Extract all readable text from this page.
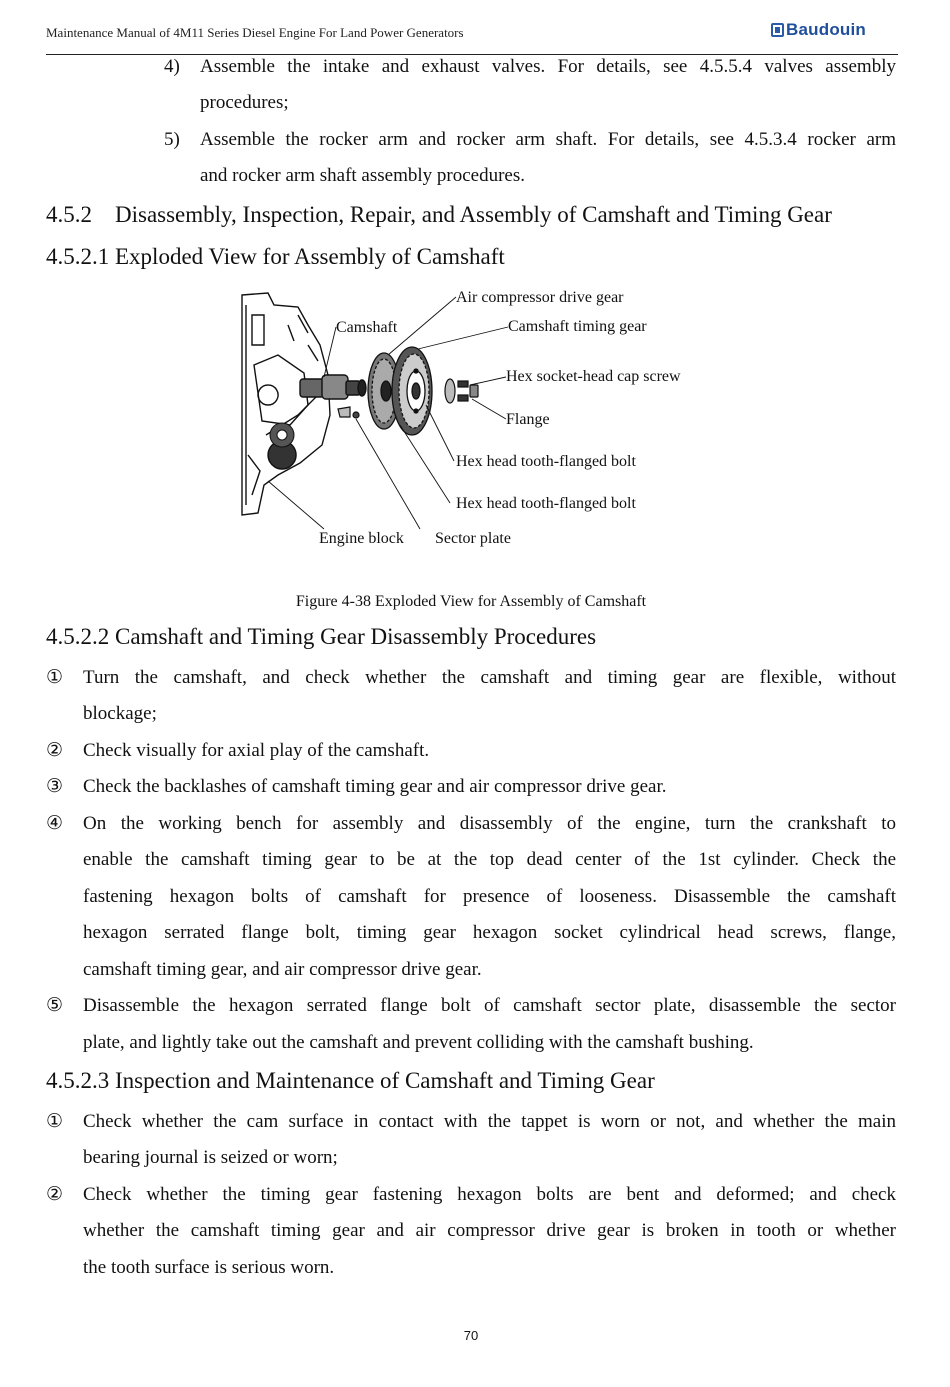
Maintenance Manual of 4M11 Series Diesel Engine For Land Power Generators	Baudouin
4) Assemble the intake and exhaust valves. For details, see 4.5.5.4 valves assembly
procedures;
5) Assemble the rocker arm and rocker arm shaft. For details, see 4.5.3.4 rocker arm
and rocker arm shaft assembly procedures.
4.5.2    Disassembly, Inspection, Repair, and Assembly of Camshaft and Timing Gear
4.5.2.1 Exploded View for Assembly of Camshaft
Air compressor drive gear
Camshaft	Camshaft timing gear
Hex socket-head cap screw
Flange
Hex head tooth-flanged bolt
Hex head tooth-flanged bolt
Engine block Sector plate
Figure 4-38 Exploded View for Assembly of Camshaft
4.5.2.2 Camshaft and Timing Gear Disassembly Procedures
① Turn the camshaft, and check whether the camshaft and timing gear are flexible, without
blockage;
② Check visually for axial play of the camshaft.
③ Check the backlashes of camshaft timing gear and air compressor drive gear.
④ On the working bench for assembly and disassembly of the engine, turn the crankshaft to
enable the camshaft timing gear to be at the top dead center of the 1st cylinder. Check the
fastening hexagon bolts of camshaft for presence of looseness. Disassemble the camshaft
hexagon serrated flange bolt, timing gear hexagon socket cylindrical head screws, flange,
camshaft timing gear, and air compressor drive gear.
⑤ Disassemble the hexagon serrated flange bolt of camshaft sector plate, disassemble the sector
plate, and lightly take out the camshaft and prevent colliding with the camshaft bushing.
4.5.2.3 Inspection and Maintenance of Camshaft and Timing Gear
① Check whether the cam surface in contact with the tappet is worn or not, and whether the main
bearing journal is seized or worn;
② Check whether the timing gear fastening hexagon bolts are bent and deformed; and check
whether the camshaft timing gear and air compressor drive gear is broken in tooth or whether
the tooth surface is serious worn.
70
